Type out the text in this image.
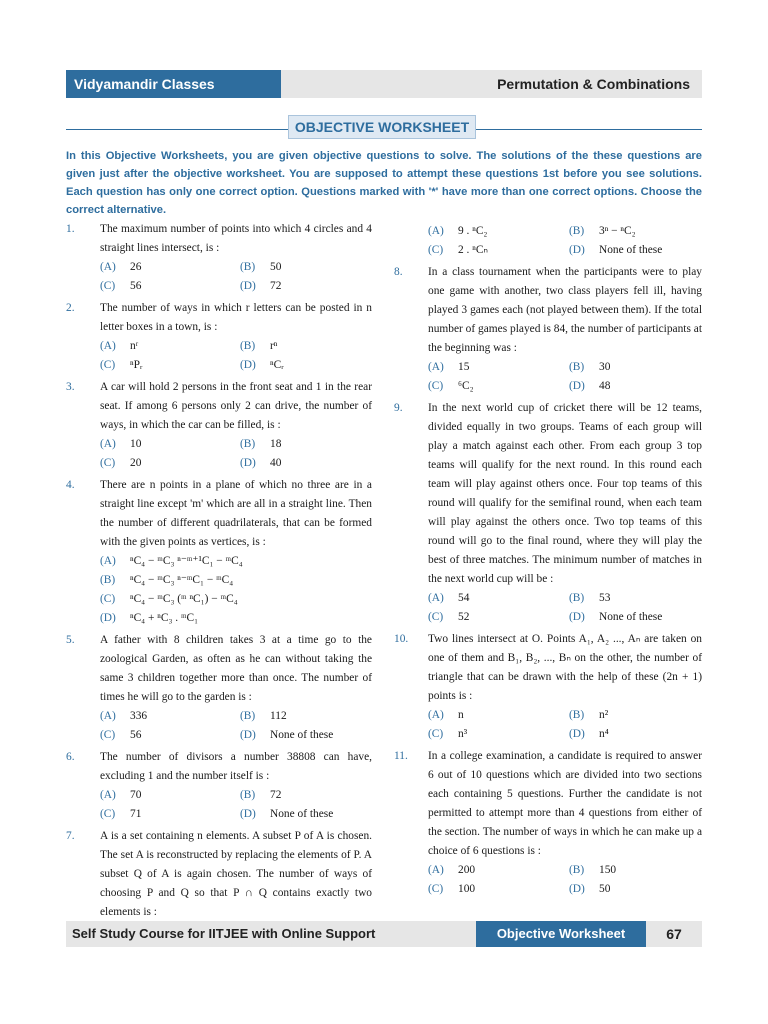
Vidyamandir Classes	Permutation & Combinations
OBJECTIVE WORKSHEET
In this Objective Worksheets, you are given objective questions to solve. The solutions of the these questions are given just after the objective worksheet. You are supposed to attempt these questions 1st before you see solutions. Each question has only one correct option. Questions marked with '*' have more than one correct options. Choose the correct alternative.
1. The maximum number of points into which 4 circles and 4 straight lines intersect, is :
(A)	26	(B)	50
(C)	56	(D)	72
2. The number of ways in which r letters can be posted in n letter boxes in a town, is :
(A)	nʳ	(B)	rⁿ
(C)	ⁿPᵣ	(D)	ⁿCᵣ
3. A car will hold 2 persons in the front seat and 1 in the rear seat. If among 6 persons only 2 can drive, the number of ways, in which the car can be filled, is :
(A)	10	(B)	18
(C)	20	(D)	40
4. There are n points in a plane of which no three are in a straight line except 'm' which are all in a straight line. Then the number of different quadrilaterals, that can be formed with the given points as vertices, is :
(A)	ⁿC₄ − ᵐC₃ ⁿ⁻ᵐ⁺¹C₁ − ᵐC₄
(B)	ⁿC₄ − ᵐC₃ ⁿ⁻ᵐC₁ − ᵐC₄
(C)	ⁿC₄ − ᵐC₃ (ᵐ ⁿC₁) − ᵐC₄
(D)	ⁿC₄ + ⁿC₃ . ᵐC₁
5. A father with 8 children takes 3 at a time go to the zoological Garden, as often as he can without taking the same 3 children together more than once. The number of times he will go to the garden is :
(A)	336	(B)	112
(C)	56	(D)	None of these
6. The number of divisors a number 38808 can have, excluding 1 and the number itself is :
(A)	70	(B)	72
(C)	71	(D)	None of these
7. A is a set containing n elements. A subset P of A is chosen. The set A is reconstructed by replacing the elements of P. A subset Q of A is again chosen. The number of ways of choosing P and Q so that P ∩ Q contains exactly two elements is :
(A)	9 . ⁿC₂	(B)	3ⁿ − ⁿC₂
(C)	2 . ⁿCₙ	(D)	None of these
8. In a class tournament when the participants were to play one game with another, two class players fell ill, having played 3 games each (not played between them). If the total number of games played is 84, the number of participants at the beginning was :
(A)	15	(B)	30
(C)	⁶C₂	(D)	48
9. In the next world cup of cricket there will be 12 teams, divided equally in two groups. Teams of each group will play a match against each other. From each group 3 top teams will qualify for the next round. In this round each team will play against others once. Four top teams of this round will qualify for the semifinal round, when each team will play against the others once. Two top teams of this round will go to the final round, where they will play the best of three matches. The minimum number of matches in the next world cup will be :
(A)	54	(B)	53
(C)	52	(D)	None of these
10. Two lines intersect at O. Points A₁, A₂ ..., Aₙ are taken on one of them and B₁, B₂, ..., Bₙ on the other, the number of triangle that can be drawn with the help of these (2n + 1) points is :
(A)	n	(B)	n²
(C)	n³	(D)	n⁴
11. In a college examination, a candidate is required to answer 6 out of 10 questions which are divided into two sections each containing 5 questions. Further the candidate is not permitted to attempt more than 4 questions from either of the section. The number of ways in which he can make up a choice of 6 questions is :
(A)	200	(B)	150
(C)	100	(D)	50
Self Study Course for IITJEE with Online Support	Objective Worksheet	67
